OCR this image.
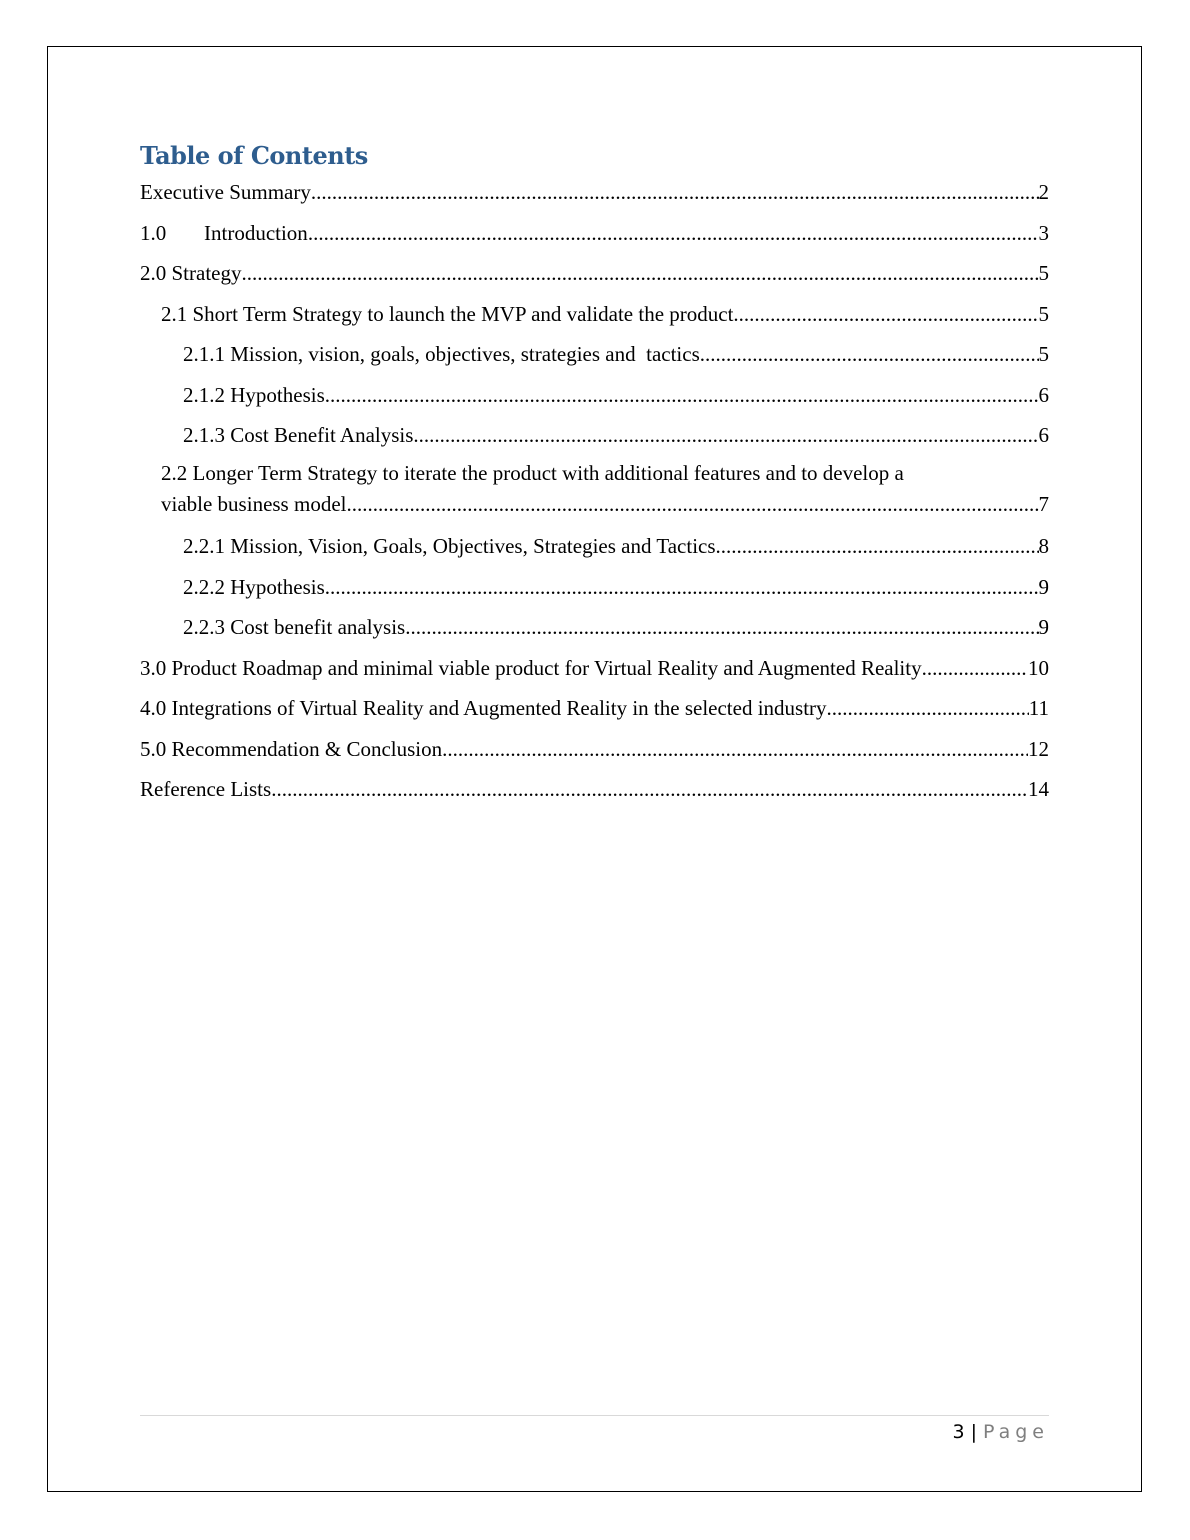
Table of Contents
Executive Summary .....	2
1.0 Introduction .....	3
2.0 Strategy .....	5
2.1 Short Term Strategy to launch the MVP and validate the product .....	5
2.1.1 Mission, vision, goals, objectives, strategies and  tactics .....	5
2.1.2 Hypothesis .....	6
2.1.3 Cost Benefit Analysis .....	6
2.2 Longer Term Strategy to iterate the product with additional features and to develop a
viable business model .....	7
2.2.1 Mission, Vision, Goals, Objectives, Strategies and Tactics .....	8
2.2.2 Hypothesis .....	9
2.2.3 Cost benefit analysis .....	9
3.0 Product Roadmap and minimal viable product for Virtual Reality and Augmented Reality .....	10
4.0 Integrations of Virtual Reality and Augmented Reality in the selected industry .....	11
5.0 Recommendation & Conclusion .....	12
Reference Lists .....	14
3 | Page
